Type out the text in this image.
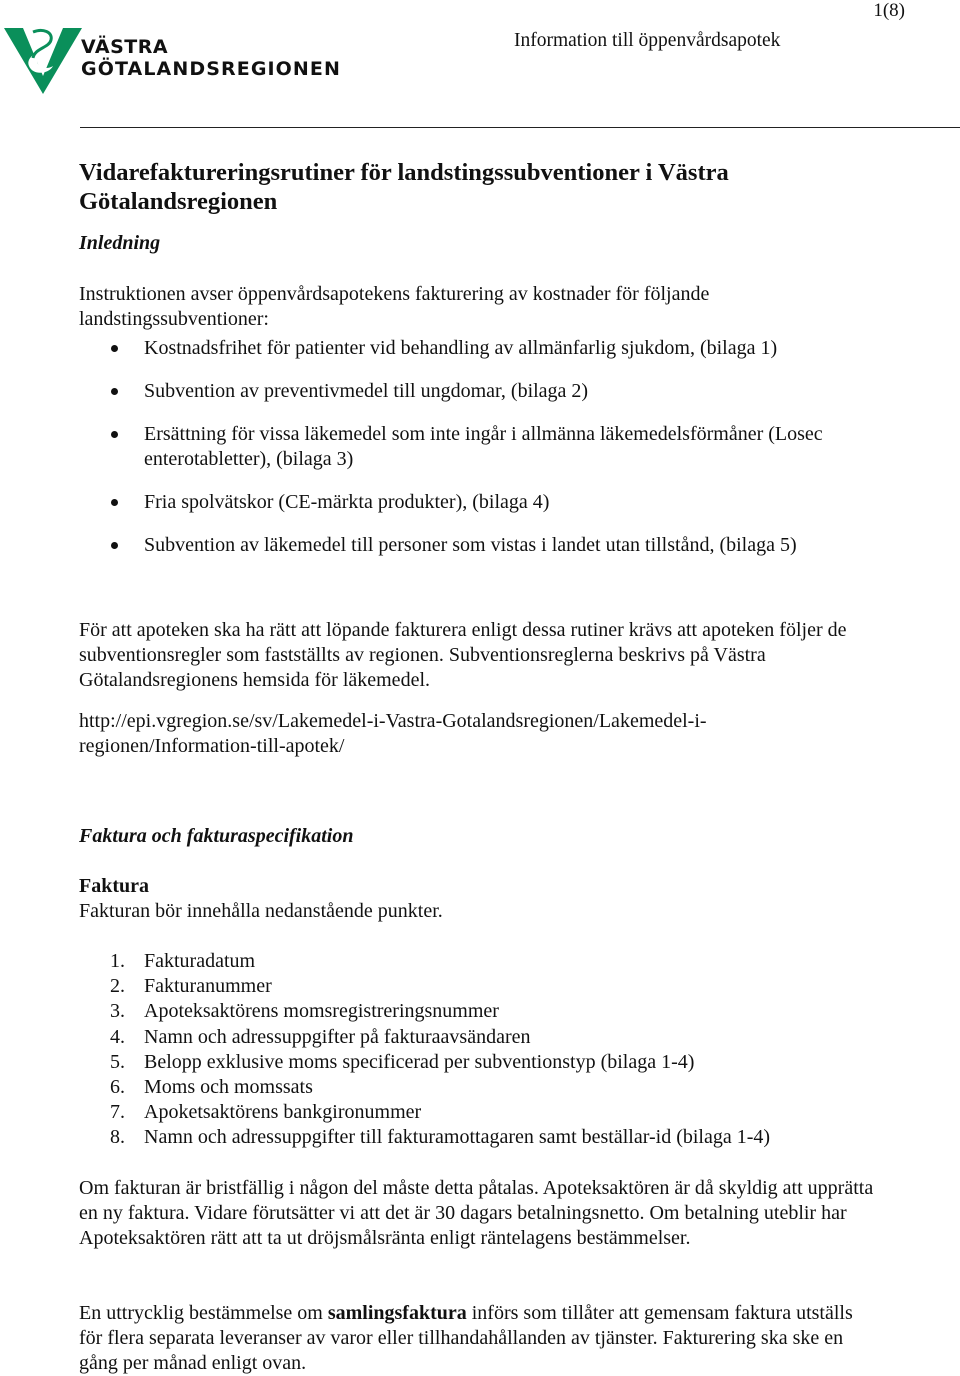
1(8)
Information till öppenvårdsapotek
VÄSTRA
GÖTALANDSREGIONEN
Vidarefaktureringsrutiner för landstingssubventioner i Västra Götalandsregionen

Inledning

Instruktionen avser öppenvårdsapotekens fakturering av kostnader för följande landstingssubventioner:

Kostnadsfrihet för patienter vid behandling av allmänfarlig sjukdom, (bilaga 1)
Subvention av preventivmedel till ungdomar, (bilaga 2)
Ersättning för vissa läkemedel som inte ingår i allmänna läkemedelsförmåner (Losec enterotabletter), (bilaga 3)
Fria spolvätskor (CE-märkta produkter), (bilaga 4)
Subvention av läkemedel till personer som vistas i landet utan tillstånd, (bilaga 5)

För att apoteken ska ha rätt att löpande fakturera enligt dessa rutiner krävs att apoteken följer de subventionsregler som fastställts av regionen. Subventionsreglerna beskrivs på Västra Götalandsregionens hemsida för läkemedel.

http://epi.vgregion.se/sv/Lakemedel-i-Vastra-Gotalandsregionen/Lakemedel-i-
regionen/Information-till-apotek/

Faktura och fakturaspecifikation

Faktura

Fakturan bör innehålla nedanstående punkter.

1. Fakturadatum
2. Fakturanummer
3. Apoteksaktörens momsregistreringsnummer
4. Namn och adressuppgifter på fakturaavsändaren
5. Belopp exklusive moms specificerad per subventionstyp (bilaga 1-4)
6. Moms och momssats
7. Apoketsaktörens bankgironummer
8. Namn och adressuppgifter till fakturamottagaren samt beställar-id (bilaga 1-4)

Om fakturan är bristfällig i någon del måste detta påtalas. Apoteksaktören är då skyldig att upprätta en ny faktura. Vidare förutsätter vi att det är 30 dagars betalningsnetto. Om betalning uteblir har Apoteksaktören rätt att ta ut dröjsmålsränta enligt räntelagens bestämmelser.

En uttrycklig bestämmelse om samlingsfaktura införs som tillåter att gemensam faktura utställs för flera separata leveranser av varor eller tillhandahållanden av tjänster. Fakturering ska ske en gång per månad enligt ovan.
